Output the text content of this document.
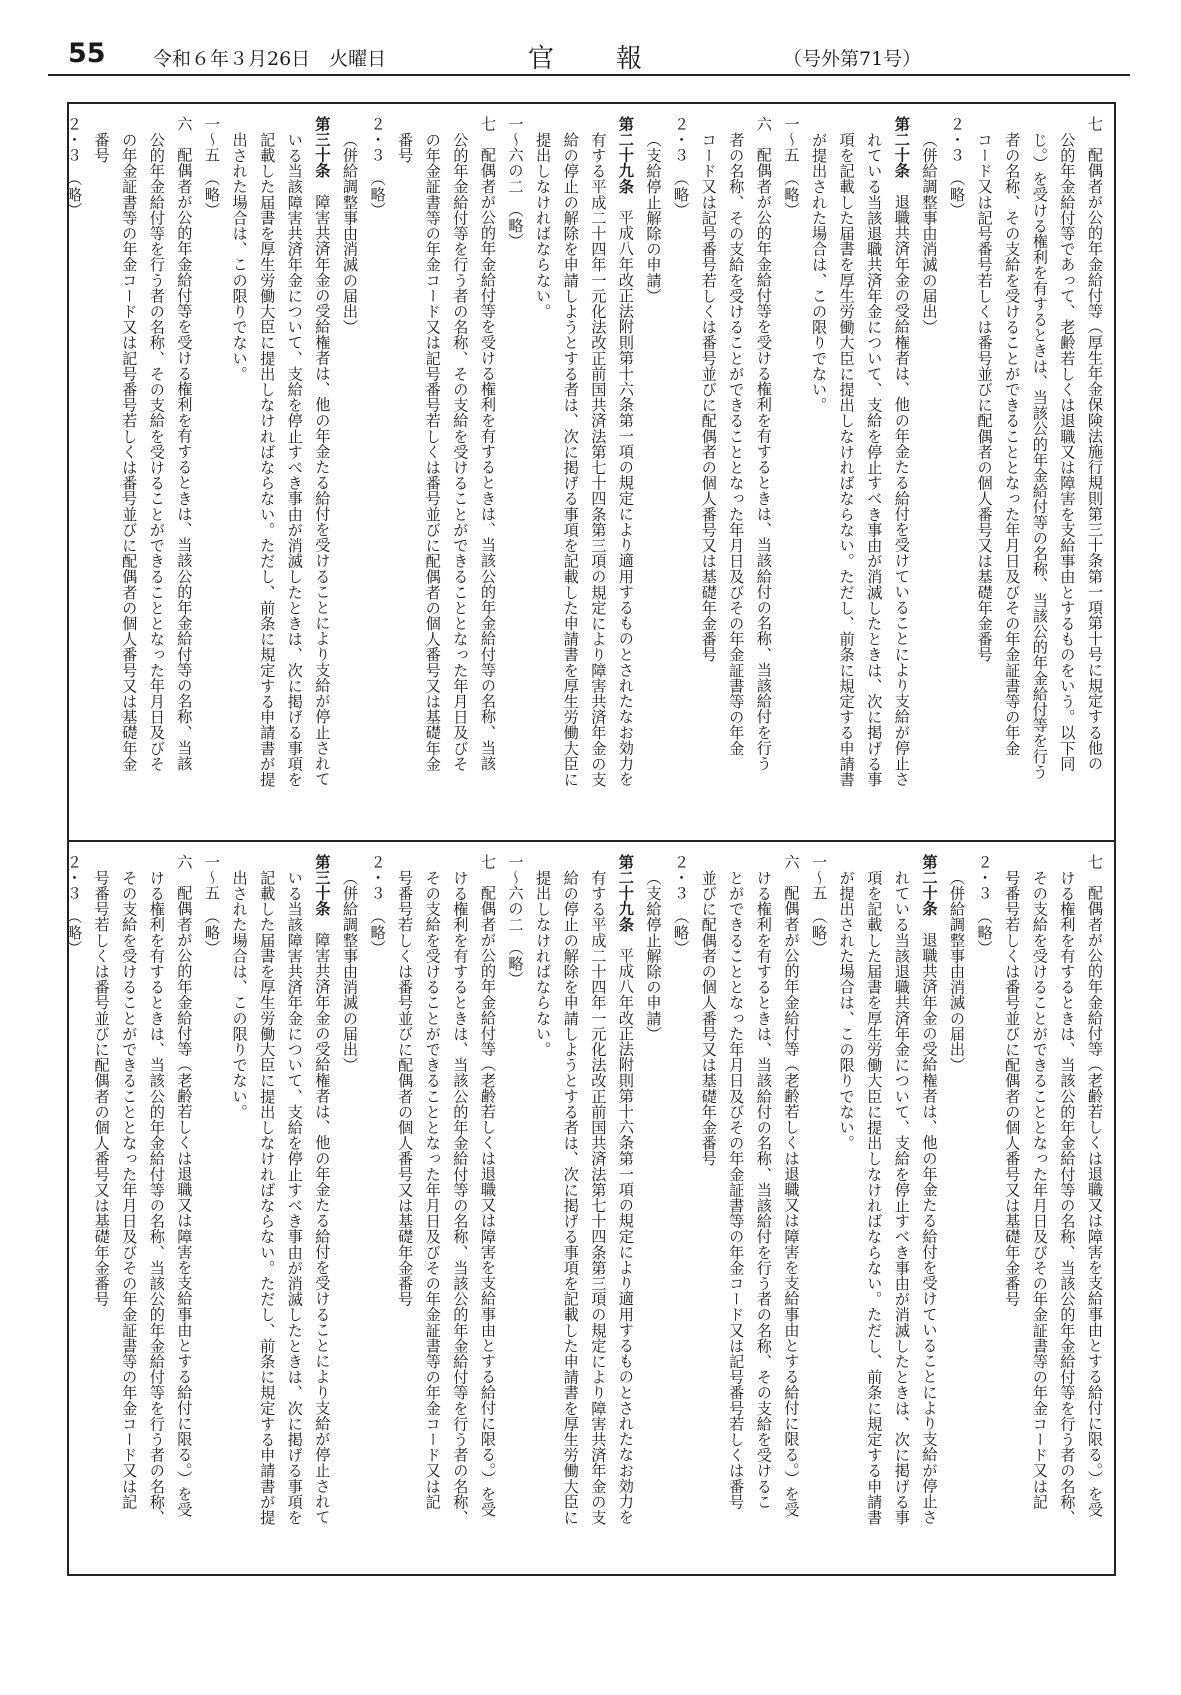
55 令和６年３月26日　火曜日	官報	（号外第71号）
七　配偶者が公的年金給付等（厚生年金保険法施行規則第三十条第一項第十号に規定する他の
公的年金給付等であって、老齢若しくは退職又は障害を支給事由とするものをいう。以下同
じ。）を受ける権利を有するときは、当該公的年金給付等の名称、当該公的年金給付等を行う
者の名称、その支給を受けることができることとなった年月日及びその年金証書等の年金
コード又は記号番号若しくは番号並びに配偶者の個人番号又は基礎年金番号
２・３　（略）
（併給調整事由消滅の届出）
第二十条　退職共済年金の受給権者は、他の年金たる給付を受けていることにより支給が停止さ
れている当該退職共済年金について、支給を停止すべき事由が消滅したときは、次に掲げる事
項を記載した届書を厚生労働大臣に提出しなければならない。ただし、前条に規定する申請書
が提出された場合は、この限りでない。
一～五　（略）
六　配偶者が公的年金給付等を受ける権利を有するときは、当該給付の名称、当該給付を行う
者の名称、その支給を受けることができることとなった年月日及びその年金証書等の年金
コード又は記号番号若しくは番号並びに配偶者の個人番号又は基礎年金番号
２・３　（略）
（支給停止解除の申請）
第二十九条　平成八年改正法附則第十六条第一項の規定により適用するものとされたなお効力を
有する平成二十四年一元化法改正前国共済法第七十四条第三項の規定により障害共済年金の支
給の停止の解除を申請しようとする者は、次に掲げる事項を記載した申請書を厚生労働大臣に
提出しなければならない。
一～六の二　（略）
七　配偶者が公的年金給付等を受ける権利を有するときは、当該公的年金給付等の名称、当該
公的年金給付等を行う者の名称、その支給を受けることができることとなった年月日及びそ
の年金証書等の年金コード又は記号番号若しくは番号並びに配偶者の個人番号又は基礎年金
番号
２・３　（略）
（併給調整事由消滅の届出）
第三十条　障害共済年金の受給権者は、他の年金たる給付を受けることにより支給が停止されて
いる当該障害共済年金について、支給を停止すべき事由が消滅したときは、次に掲げる事項を
記載した届書を厚生労働大臣に提出しなければならない。ただし、前条に規定する申請書が提
出された場合は、この限りでない。
一～五　（略）
六　配偶者が公的年金給付等を受ける権利を有するときは、当該公的年金給付等の名称、当該
公的年金給付等を行う者の名称、その支給を受けることができることとなった年月日及びそ
の年金証書等の年金コード又は記号番号若しくは番号並びに配偶者の個人番号又は基礎年金
番号
２・３　（略）
七　配偶者が公的年金給付等（老齢若しくは退職又は障害を支給事由とする給付に限る。）を受
ける権利を有するときは、当該公的年金給付等の名称、当該公的年金給付等を行う者の名称、
その支給を受けることができることとなった年月日及びその年金証書等の年金コード又は記
号番号若しくは番号並びに配偶者の個人番号又は基礎年金番号
２・３　（略）
（併給調整事由消滅の届出）
第二十条　退職共済年金の受給権者は、他の年金たる給付を受けていることにより支給が停止さ
れている当該退職共済年金について、支給を停止すべき事由が消滅したときは、次に掲げる事
項を記載した届書を厚生労働大臣に提出しなければならない。ただし、前条に規定する申請書
が提出された場合は、この限りでない。
一～五　（略）
六　配偶者が公的年金給付等（老齢若しくは退職又は障害を支給事由とする給付に限る。）を受
ける権利を有するときは、当該給付の名称、当該給付を行う者の名称、その支給を受けるこ
とができることとなった年月日及びその年金証書等の年金コード又は記号番号若しくは番号
並びに配偶者の個人番号又は基礎年金番号
２・３　（略）
（支給停止解除の申請）
第二十九条　平成八年改正法附則第十六条第一項の規定により適用するものとされたなお効力を
有する平成二十四年一元化法改正前国共済法第七十四条第三項の規定により障害共済年金の支
給の停止の解除を申請しようとする者は、次に掲げる事項を記載した申請書を厚生労働大臣に
提出しなければならない。
一～六の二　（略）
七　配偶者が公的年金給付等（老齢若しくは退職又は障害を支給事由とする給付に限る。）を受
ける権利を有するときは、当該公的年金給付等の名称、当該公的年金給付等を行う者の名称、
その支給を受けることができることとなった年月日及びその年金証書等の年金コード又は記
号番号若しくは番号並びに配偶者の個人番号又は基礎年金番号
２・３　（略）
（併給調整事由消滅の届出）
第三十条　障害共済年金の受給権者は、他の年金たる給付を受けることにより支給が停止されて
いる当該障害共済年金について、支給を停止すべき事由が消滅したときは、次に掲げる事項を
記載した届書を厚生労働大臣に提出しなければならない。ただし、前条に規定する申請書が提
出された場合は、この限りでない。
一～五　（略）
六　配偶者が公的年金給付等（老齢若しくは退職又は障害を支給事由とする給付に限る。）を受
ける権利を有するときは、当該公的年金給付等の名称、当該公的年金給付等を行う者の名称、
その支給を受けることができることとなった年月日及びその年金証書等の年金コード又は記
号番号若しくは番号並びに配偶者の個人番号又は基礎年金番号
２・３　（略）
